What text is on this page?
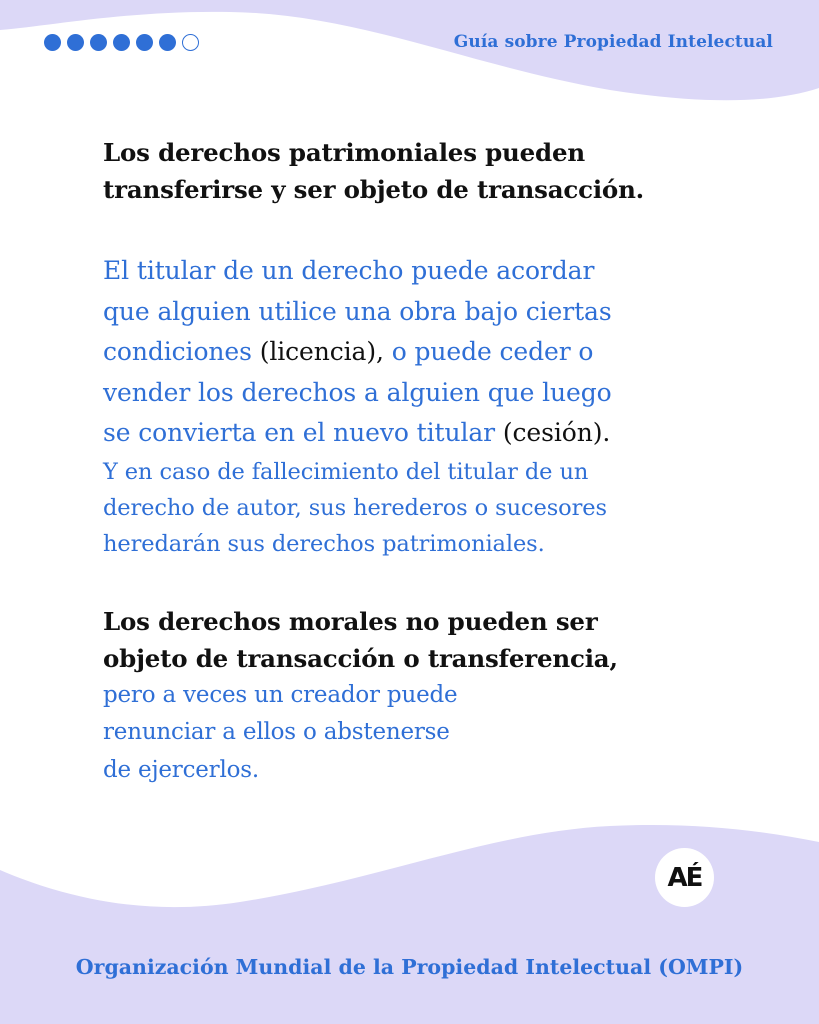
Guía sobre Propiedad Intelectual

Los derechos patrimoniales pueden
transferirse y ser objeto de transacción.

El titular de un derecho puede acordar
que alguien utilice una obra bajo ciertas
condiciones (licencia), o puede ceder o
vender los derechos a alguien que luego
se convierta en el nuevo titular (cesión).
Y en caso de fallecimiento del titular de un
derecho de autor, sus herederos o sucesores
heredarán sus derechos patrimoniales.

Los derechos morales no pueden ser
objeto de transacción o transferencia,
pero a veces un creador puede
renunciar a ellos o abstenerse
de ejercerlos.

AÉ
Organización Mundial de la Propiedad Intelectual (OMPI)
